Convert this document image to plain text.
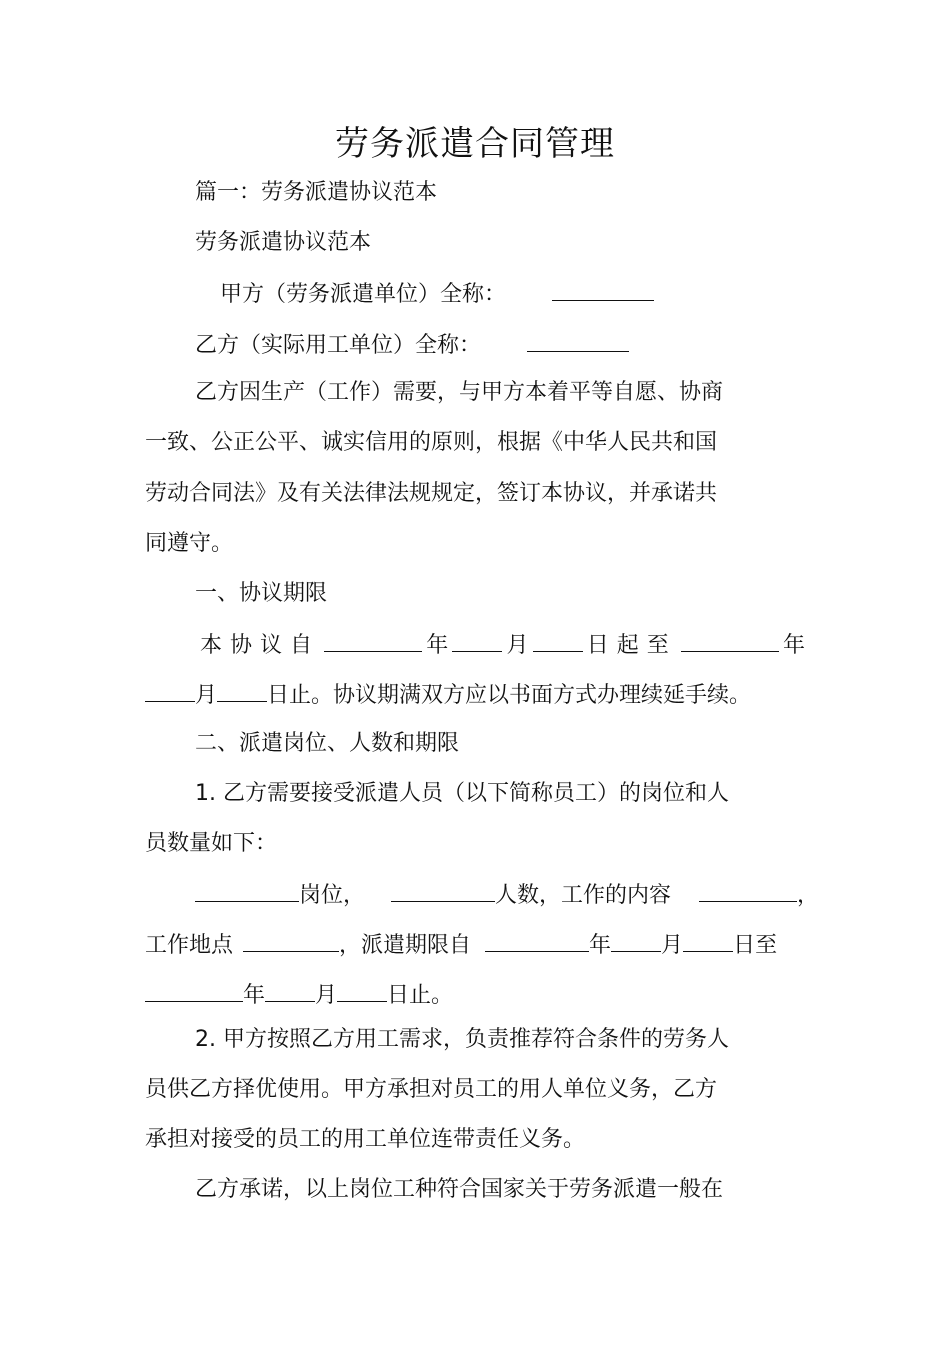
劳务派遣合同管理
篇一：劳务派遣协议范本
劳务派遣协议范本
甲方（劳务派遣单位）全称：
乙方（实际用工单位）全称：
乙方因生产（工作）需要，与甲方本着平等自愿、协商
一致、公正公平、诚实信用的原则，根据《中华人民共和国
劳动合同法》及有关法律法规规定，签订本协议，并承诺共
同遵守。
一、协议期限
本协议自	年	月	日起至	年
月 日止。协议期满双方应以书面方式办理续延手续。
二、派遣岗位、人数和期限
1. 乙方需要接受派遣人员（以下简称员工）的岗位和人
员数量如下：
岗位，	人数，工作的内容	，
工作地点	，派遣期限自	年 月 日至
年 月 日止。
2. 甲方按照乙方用工需求，负责推荐符合条件的劳务人
员供乙方择优使用。甲方承担对员工的用人单位义务，乙方
承担对接受的员工的用工单位连带责任义务。
乙方承诺，以上岗位工种符合国家关于劳务派遣一般在
